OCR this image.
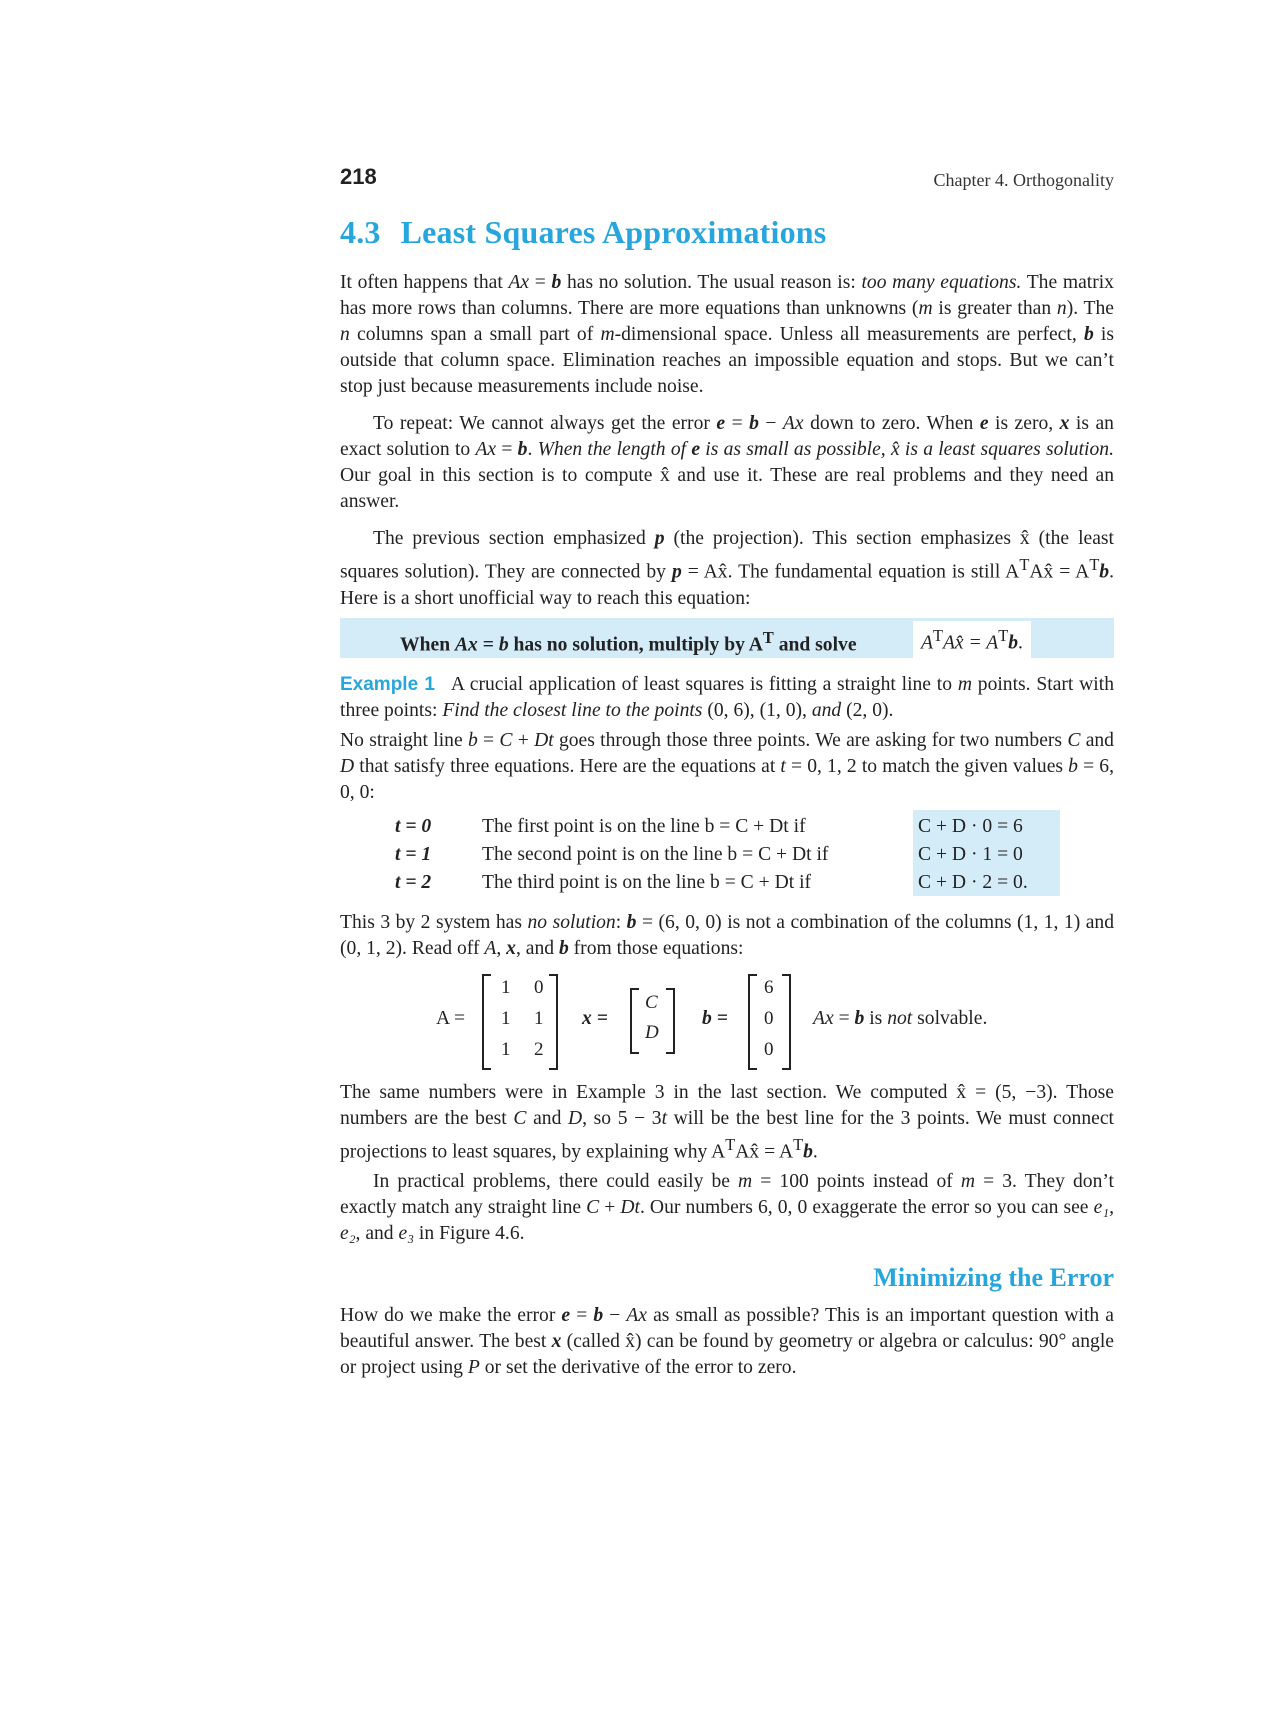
218	Chapter 4. Orthogonality
4.3 Least Squares Approximations

It often happens that Ax = b has no solution. The usual reason is: too many equations. The matrix has more rows than columns. There are more equations than unknowns (m is greater than n). The n columns span a small part of m-dimensional space. Unless all measurements are perfect, b is outside that column space. Elimination reaches an impossible equation and stops. But we can’t stop just because measurements include noise.

To repeat: We cannot always get the error e = b − Ax down to zero. When e is zero, x is an exact solution to Ax = b. When the length of e is as small as possible, x̂ is a least squares solution. Our goal in this section is to compute x̂ and use it. These are real problems and they need an answer.

The previous section emphasized p (the projection). This section emphasizes x̂ (the least squares solution). They are connected by p = Ax̂. The fundamental equation is still $A^TAx̂ = A^Tb$. Here is a short unofficial way to reach this equation:

When Ax = b has no solution, multiply by $A^T$ and solve	$A^TAx̂ = A^Tb$.

Example 1 A crucial application of least squares is fitting a straight line to m points. Start with three points: Find the closest line to the points (0, 6), (1, 0), and (2, 0).

No straight line b = C + Dt goes through those three points. We are asking for two numbers C and D that satisfy three equations. Here are the equations at t = 0, 1, 2 to match the given values b = 6, 0, 0:

t = 0	The first point is on the line b = C + Dt if	C + D · 0 = 6
t = 1	The second point is on the line b = C + Dt if	C + D · 1 = 0
t = 2	The third point is on the line b = C + Dt if	C + D · 2 = 0.

This 3 by 2 system has no solution: b = (6, 0, 0) is not a combination of the columns (1, 1, 1) and (0, 1, 2). Read off A, x, and b from those equations:

A =
1 0
1 1
1 2
x =
C
D
b =
6
0
0
Ax = b is not solvable.

The same numbers were in Example 3 in the last section. We computed x̂ = (5, −3). Those numbers are the best C and D, so 5 − 3t will be the best line for the 3 points. We must connect projections to least squares, by explaining why $A^TAx̂ = A^Tb$.

In practical problems, there could easily be m = 100 points instead of m = 3. They don’t exactly match any straight line C + Dt. Our numbers 6, 0, 0 exaggerate the error so you can see e₁, e₂, and e₃ in Figure 4.6.

Minimizing the Error

How do we make the error e = b − Ax as small as possible? This is an important question with a beautiful answer. The best x (called x̂) can be found by geometry or algebra or calculus: 90° angle or project using P or set the derivative of the error to zero.
